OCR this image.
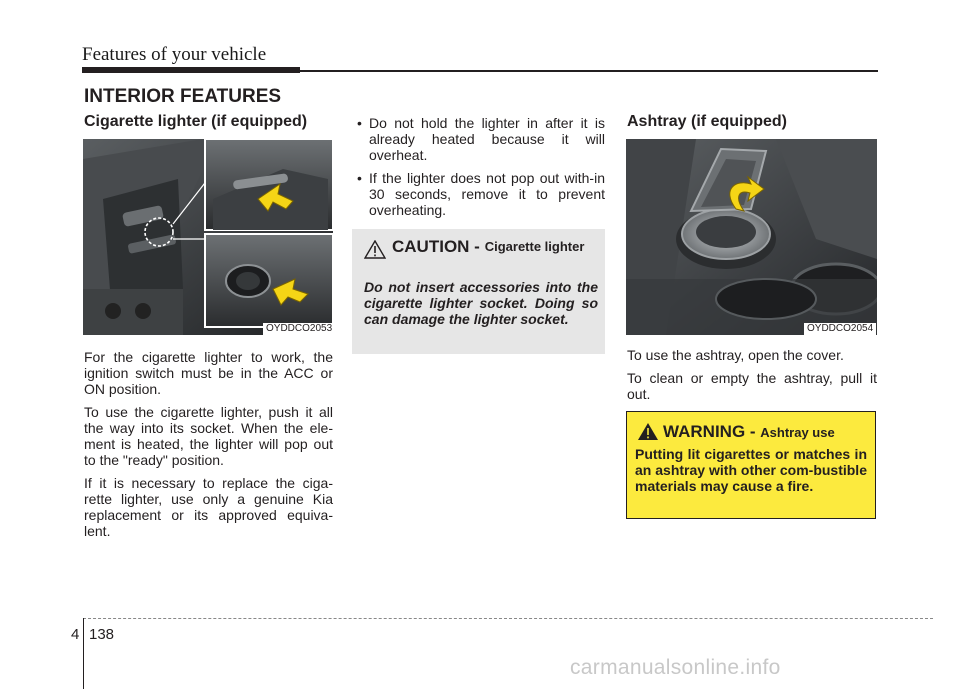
Features of your vehicle
INTERIOR FEATURES
Cigarette lighter (if equipped)
OYDDCO2053

For the cigarette lighter to work, the ignition switch must be in the ACC or ON position.

To use the cigarette lighter, push it all the way into its socket. When the ele-ment is heated, the lighter will pop out to the "ready" position.

If it is necessary to replace the ciga-rette lighter, use only a genuine Kia replacement or its approved equiva-lent.

• Do not hold the lighter in after it is already heated because it will overheat.
• If the lighter does not pop out with-in 30 seconds, remove it to prevent overheating.
CAUTION - Cigarette lighter
Do not insert accessories into the cigarette lighter socket. Doing so can damage the lighter socket.
Ashtray (if equipped)
OYDDCO2054

To use the ashtray, open the cover.

To clean or empty the ashtray, pull it out.

WARNING - Ashtray use
Putting lit cigarettes or matches in an ashtray with other com-bustible materials may cause a fire.
4 138
carmanualsonline.info
